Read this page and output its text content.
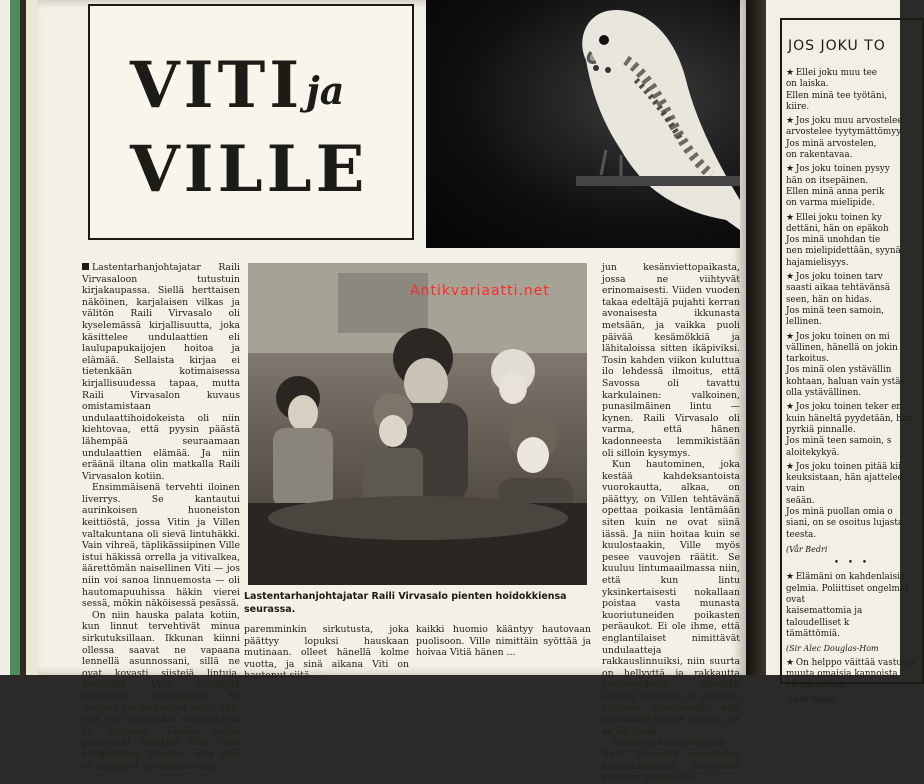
VITI ja
VILLE
Lastentarhanjohtajatar Raili Virvasalo pienten hoidokkiensa seurassa.

Lastentarhanjohtajatar Raili Virvasaloon tutustuin kirjakaupassa. Siellä herttaisen näköinen, karjalaisen vilkas ja välitön Raili Virvasalo oli kyselemässä kirjallisuutta, joka käsittelee undulaattien eli laulupapukaijojen hoitoa ja elämää. Sellaista kirjaa ei tietenkään kotimaisessa kirjallisuudessa tapaa, mutta Raili Virvasalon kuvaus omistamistaan undulaattihoidokeista oli niin kiehtovaa, että pyysin päästä lähempää seuraamaan undulaattien elämää. Ja niin eräänä iltana olin matkalla Raili Virvasalon kotiin.

Ensimmäisenä tervehti iloinen liverrys. Se kantautui aurinkoisen huoneiston keittiöstä, jossa Vitin ja Villen valtakuntana oli sievä lintuhäkki. Vain vihreä, täplikässiipinen Ville istui häkissä orrella ja vitivalkea, äärettömän naisellinen Viti — jos niin voi sanoa linnuemosta — oli hautomapuuhissa häkin vierei sessä, mökin näköisessä pesässä.

On niin hauska palata kotiin, kun linnut tervehtivät minua sirkutuksillaan. Ikkunan kiinni ollessa saavat ne vapaana lennellä asunnossani, sillä ne ovat kovasti siistejä lintuja. Varsinkin Ville viivähtää mielellään olkapäälläni. Se temppu voi tarkoittaa myös sitä, että vesi lintuhäkin vesiputkesta on loppunut. Tänään kotiin palattuani lennähti Ville oitis olkapäälleni. Arvasin, että vesi oli loppunut. Ja oikeasta olin.

paremminkin sirkutusta, joka päättyy lopuksi hauskaan mutinaan. olleet hänellä kolme vuotta, ja sinä aikana Viti on hautonut siitä ...

kaikki huomio kääntyy hautovaan puolisoon. Ville nimittäin syöttää ja hoivaa Vitiä hänen ...

jun kesänviettopaikasta, jossa ne viihtyvät erinomaisesti. Viiden vuoden takaa edeltäjä pujahti kerran avonaisesta ikkunasta metsään, ja vaikka puoli päivää kesämökkiä ja lähitaloissa sitten ikäpiviksi. Tosin kahden viikon kuluttua ilo lehdessä ilmoitus, että Savossa oli tavattu karkulainen: valkoinen, punasilmäinen lintu — kynen. Raili Virvasalo oli varma, että hänen kadonneesta lemmikistään oli silloin kysymys.

Kun hautominen, joka kestää kahdeksantoista vuorokautta, alkaa, on päättyy, on Villen tehtävänä opettaa poikasia lentämään siten kuin ne ovat siinä iässä. Ja niin hoitaa kuin se kuulostaakin, Ville myös pesee vauvojen räätit. Se kuuluu lintumaailmassa niin, että kun lintu yksinkertaisesti nokallaan poistaa vasta munasta kuoriutuneiden poikasten peräaukot. Ei ole ihme, että englantilaiset nimittävät undulaatteja rakkauslinnuiksi, niin suurta on hellyyttä ja rakkautta koirasuudesta elämään sisältyy puolison ja perheen kohtaan. Sanotaankin, että undulaatti kuolee suruun, jos se jää yksin.

Lastentarhanopettajana Raili Virvasalo suosittelee lemmikkilintuja erityisesti perheen yksinäisille ...

Antikvariaatti.net
JOS JOKU TO

★ Ellei joku muu tee
on laiska.
Ellen minä tee työtäni,
kiire.

★ Jos joku muu arvostelee
arvostelee tyytymättömyy
Jos minä arvostelen,
on rakentavaa.

★ Jos joku toinen pysyy
hän on itsepäinen.
Ellen minä anna perik
on varma mielipide.

★ Ellei joku toinen ky
dettäni, hän on epäkoh
Jos minä unohdan tie
nen mielipidettään, syynä
hajamielisyys.

★ Jos joku toinen tarv
saasti aikaa tehtävänsä
seen, hän on hidas.
Jos minä teen samoin,
lellinen.

★ Jos joku toinen on mi
vällinen, hänellä on jokin
tarkoitus.
Jos minä olen ystävällin
kohtaan, haluan vain ystäv
olla ystävällinen.

★ Jos joku toinen teker en
kuin häneltä pyydetään, hän
pyrkiä pinnalle.
Jos minä teen samoin, s
aloitekykyä.

★ Jos joku toinen pitää kii
keuksistaan, hän ajattelee vain
seään.
Jos minä puollan omia o
siani, on se osoitus lujasta
teesta.

(Vår Bedri

• • •

★ Elämäni on kahdenlaisia
gelmia. Poliittiset ongelmat ovat
kaisemattomia ja taloudelliset k
tämättömiä.

(Sir Alec Douglas-Hom

★ On helppo väittää vastusta
muuta omaisia kannoista
väistämiseen.

(Lesli Stamp
